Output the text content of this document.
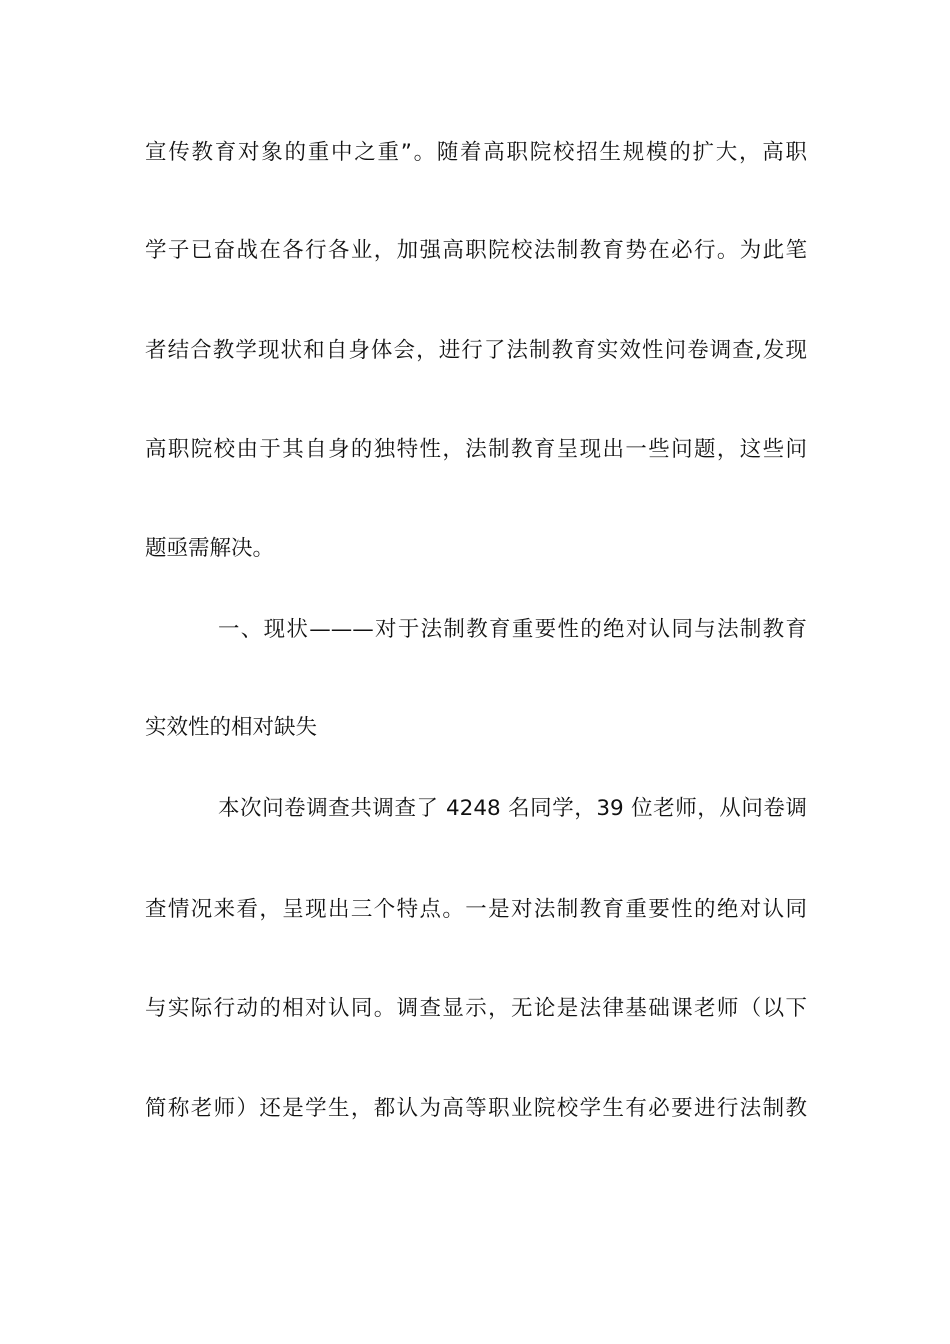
宣传教育对象的重中之重”。随着高职院校招生规模的扩大，高职
学子已奋战在各行各业，加强高职院校法制教育势在必行。为此笔
者结合教学现状和自身体会，进行了法制教育实效性问卷调查,发现
高职院校由于其自身的独特性，法制教育呈现出一些问题，这些问
题亟需解决。
一、现状———对于法制教育重要性的绝对认同与法制教育
实效性的相对缺失
本次问卷调查共调查了 4248 名同学，39 位老师，从问卷调
查情况来看，呈现出三个特点。一是对法制教育重要性的绝对认同
与实际行动的相对认同。调查显示，无论是法律基础课老师（以下
简称老师）还是学生，都认为高等职业院校学生有必要进行法制教
